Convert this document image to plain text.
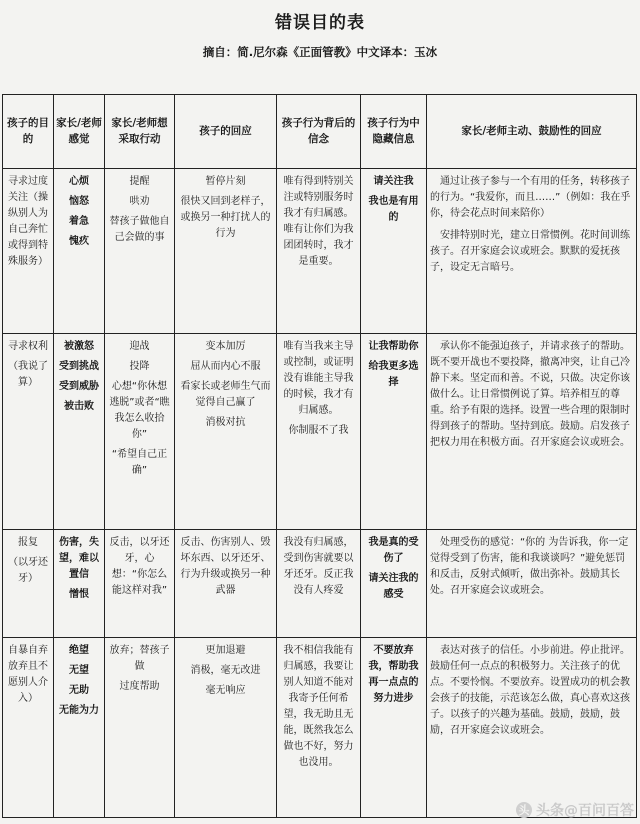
错误目的表
摘自：简.尼尔森《正面管教》中文译本：玉冰
孩子的目的	家长/老师感觉	家长/老师想采取行动	孩子的回应	孩子行为背后的信念	孩子行为中隐藏信息	家长/老师主动、鼓励性的回应

寻求过度关注（操纵别人为自己奔忙或得到特殊服务）	心烦
恼怒
着急
愧疚	提醒
哄劝
替孩子做他自己会做的事	暂停片刻
很快又回到老样子，或换另一种打扰人的行为	唯有得到特别关注或特别服务时我才有归属感。唯有让你们为我团团转时，我才是重要。	请关注我
我也是有用的	通过让孩子参与一个有用的任务，转移孩子的行为。“我爱你，而且……”（例如：我在乎你，待会花点时间来陪你）
安排特别时光，建立日常惯例。花时间训练孩子。召开家庭会议或班会。默默的爱抚孩子，设定无言暗号。

寻求权利
（我说了算）	被激怒
受到挑战
受到威胁
被击败	迎战
投降
心想“你休想逃脱”或者“瞧我怎么收拾你”
“希望自己正确”	变本加厉
屈从而内心不服
看家长或老师生气而觉得自己赢了
消极对抗	唯有当我来主导或控制，或证明没有谁能主导我的时候，我才有归属感。
你制服不了我	让我帮助你
给我更多选择	承认你不能强迫孩子，并请求孩子的帮助。既不要开战也不要投降，撤离冲突，让自己冷静下来。坚定而和善。不说，只做。决定你该做什么。让日常惯例说了算。培养相互的尊重。给予有限的选择。设置一些合理的限制时得到孩子的帮助。坚持到底。鼓励。启发孩子把权力用在积极方面。召开家庭会议或班会。

报复
（以牙还牙）	伤害，失望，难以置信
憎恨	反击，以牙还牙，心想：“你怎么能这样对我”	反击、伤害别人、毁坏东西、以牙还牙、行为升级或换另一种武器	我没有归属感，受到伤害就要以牙还牙。反正我没有人疼爱	我是真的受伤了
请关注我的感受	处理受伤的感觉：“你的 为告诉我，你一定觉得受到了伤害，能和我谈谈吗？”避免惩罚和反击，反射式倾听，做出弥补。鼓励其长处。召开家庭会议或班会。

自暴自弃 放弃且不愿别人介入）	绝望
无望
无助
无能为力	放弃；替孩子做
过度帮助	更加退避
消极，毫无改进
毫无响应	我不相信我能有归属感，我要让别人知道不能对我寄予任何希望，我无助且无能，既然我怎么做也不好，努力也没用。	不要放弃我，帮助我再一点点的努力进步	表达对孩子的信任。小步前进。停止批评。鼓励任何一点点的积极努力。关注孩子的优点。不要怜悯。不要放弃。设置成功的机会教会孩子的技能，示范该怎么做，真心喜欢这孩子。以孩子的兴趣为基础。鼓励，鼓励，鼓励，召开家庭会议或班会。
头 头条@百问百答
